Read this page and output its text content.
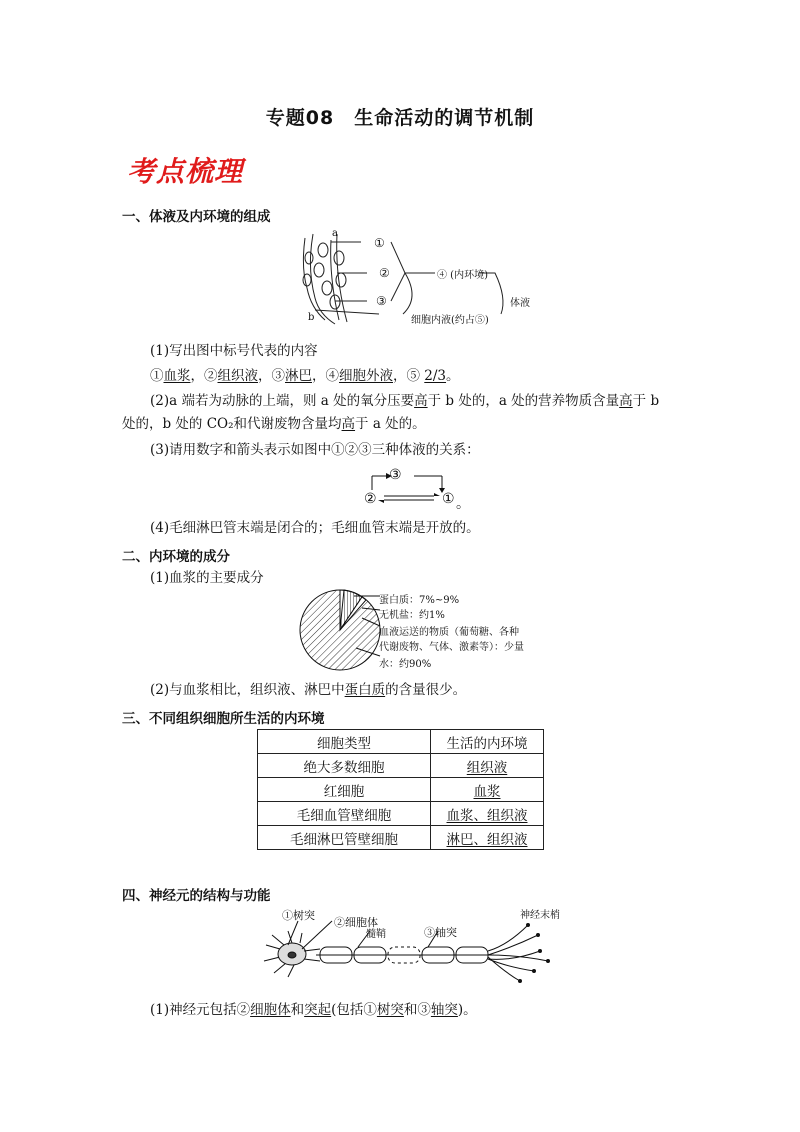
专题08　生命活动的调节机制
考点梳理
一、体液及内环境的组成
a
b
①
②
③
④ (内环境)
细胞内液(约占⑤)
体液
(1)写出图中标号代表的内容
①血浆，②组织液，③淋巴，④细胞外液，⑤ 2/3。
(2)a 端若为动脉的上端，则 a 处的氧分压要高于 b 处的，a 处的营养物质含量高于 b
处的，b 处的 CO₂和代谢废物含量均高于 a 处的。
(3)请用数字和箭头表示如图中①②③三种体液的关系：
③
②	① 。
(4)毛细淋巴管末端是闭合的；毛细血管末端是开放的。
二、内环境的成分
(1)血浆的主要成分
蛋白质：7%~9%
无机盐：约1%
血液运送的物质（葡萄糖、各种
代谢废物、气体、激素等）：少量
水：约90%
(2)与血浆相比，组织液、淋巴中蛋白质的含量很少。
三、不同组织细胞所生活的内环境
细胞类型	生活的内环境
绝大多数细胞	组织液
红细胞	血浆
毛细血管壁细胞	血浆、组织液
毛细淋巴管壁细胞	淋巴、组织液
四、神经元的结构与功能
①树突
②细胞体
髓鞘	③轴突
神经末梢
(1)神经元包括②细胞体和突起(包括①树突和③轴突)。
